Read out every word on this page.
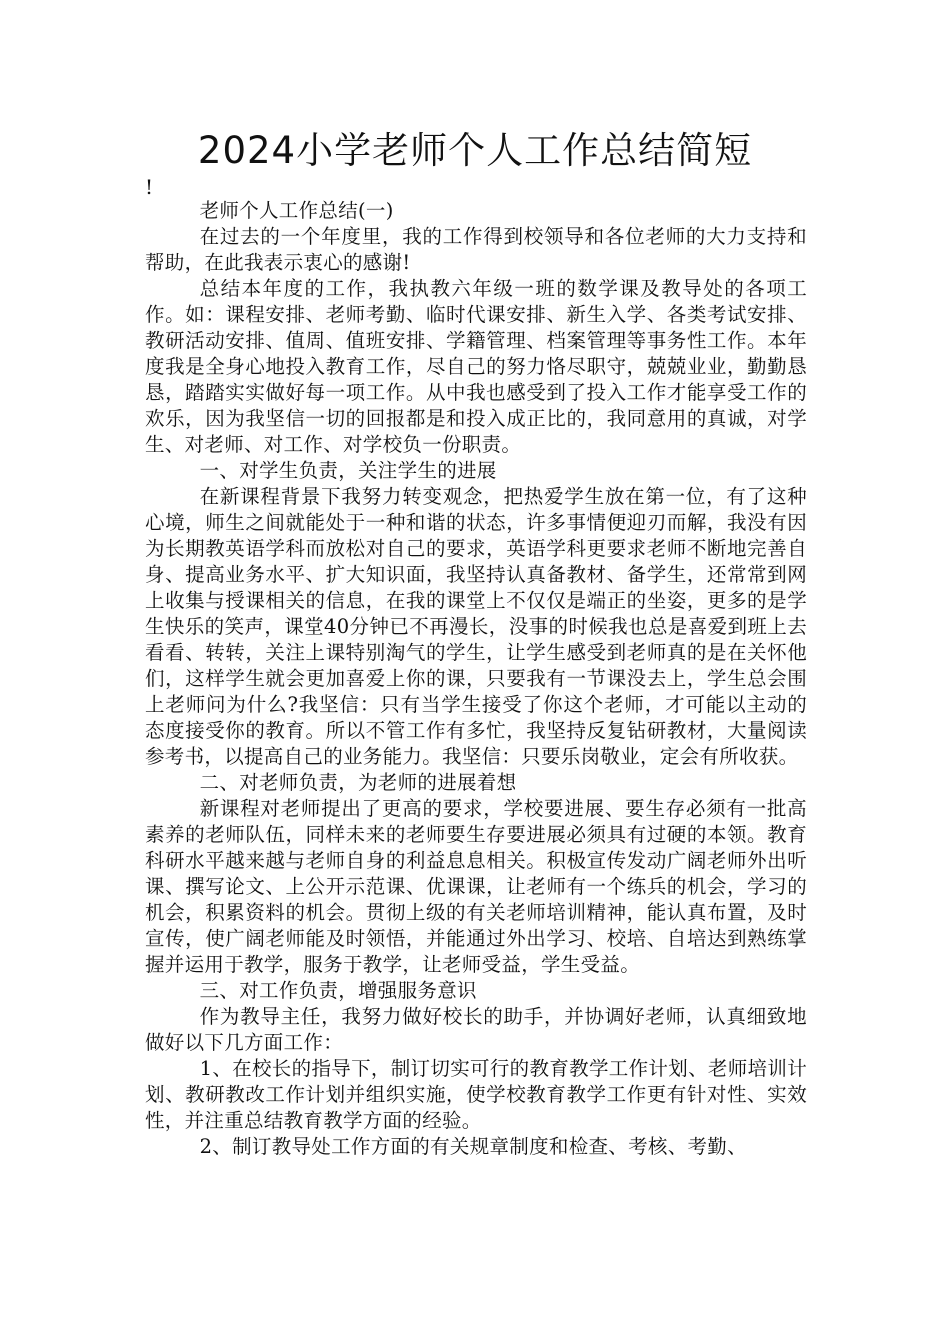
2024小学老师个人工作总结简短
!

老师个人工作总结(一)

在过去的一个年度里，我的工作得到校领导和各位老师的大力支持和帮助，在此我表示衷心的感谢!

总结本年度的工作，我执教六年级一班的数学课及教导处的各项工作。如：课程安排、老师考勤、临时代课安排、新生入学、各类考试安排、教研活动安排、值周、值班安排、学籍管理、档案管理等事务性工作。本年度我是全身心地投入教育工作，尽自己的努力恪尽职守，兢兢业业，勤勤恳恳，踏踏实实做好每一项工作。从中我也感受到了投入工作才能享受工作的欢乐，因为我坚信一切的回报都是和投入成正比的，我同意用的真诚，对学生、对老师、对工作、对学校负一份职责。

一、对学生负责，关注学生的进展

在新课程背景下我努力转变观念，把热爱学生放在第一位，有了这种心境，师生之间就能处于一种和谐的状态，许多事情便迎刃而解，我没有因为长期教英语学科而放松对自己的要求，英语学科更要求老师不断地完善自身、提高业务水平、扩大知识面，我坚持认真备教材、备学生，还常常到网上收集与授课相关的信息，在我的课堂上不仅仅是端正的坐姿，更多的是学生快乐的笑声，课堂40分钟已不再漫长，没事的时候我也总是喜爱到班上去看看、转转，关注上课特别淘气的学生，让学生感受到老师真的是在关怀他们，这样学生就会更加喜爱上你的课，只要我有一节课没去上，学生总会围上老师问为什么?我坚信：只有当学生接受了你这个老师，才可能以主动的态度接受你的教育。所以不管工作有多忙，我坚持反复钻研教材，大量阅读参考书，以提高自己的业务能力。我坚信：只要乐岗敬业，定会有所收获。

二、对老师负责，为老师的进展着想

新课程对老师提出了更高的要求，学校要进展、要生存必须有一批高素养的老师队伍，同样未来的老师要生存要进展必须具有过硬的本领。教育科研水平越来越与老师自身的利益息息相关。积极宣传发动广阔老师外出听课、撰写论文、上公开示范课、优课课，让老师有一个练兵的机会，学习的机会，积累资料的机会。贯彻上级的有关老师培训精神，能认真布置，及时宣传，使广阔老师能及时领悟，并能通过外出学习、校培、自培达到熟练掌握并运用于教学，服务于教学，让老师受益，学生受益。

三、对工作负责，增强服务意识

作为教导主任，我努力做好校长的助手，并协调好老师，认真细致地做好以下几方面工作：

1、在校长的指导下，制订切实可行的教育教学工作计划、老师培训计划、教研教改工作计划并组织实施，使学校教育教学工作更有针对性、实效性，并注重总结教育教学方面的经验。

2、制订教导处工作方面的有关规章制度和检查、考核、考勤、
